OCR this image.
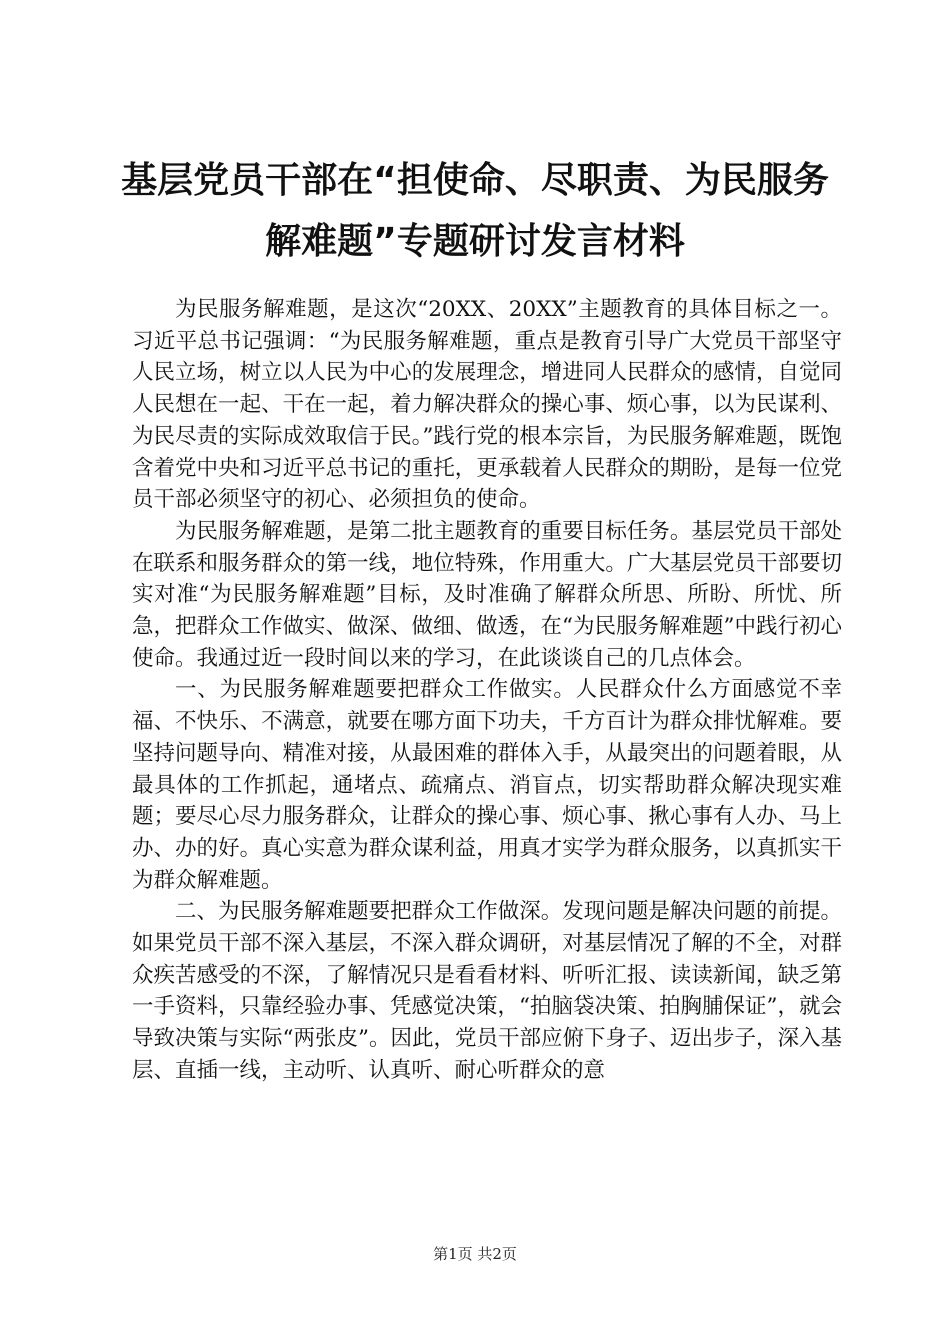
基层党员干部在“担使命、尽职责、为民服务
解难题”专题研讨发言材料

为民服务解难题，是这次“20XX、20XX”主题教育的具体目标之一。习近平总书记强调：“为民服务解难题，重点是教育引导广大党员干部坚守人民立场，树立以人民为中心的发展理念，增进同人民群众的感情，自觉同人民想在一起、干在一起，着力解决群众的操心事、烦心事，以为民谋利、为民尽责的实际成效取信于民。”践行党的根本宗旨，为民服务解难题，既饱含着党中央和习近平总书记的重托，更承载着人民群众的期盼，是每一位党员干部必须坚守的初心、必须担负的使命。

为民服务解难题，是第二批主题教育的重要目标任务。基层党员干部处在联系和服务群众的第一线，地位特殊，作用重大。广大基层党员干部要切实对准“为民服务解难题”目标，及时准确了解群众所思、所盼、所忧、所急，把群众工作做实、做深、做细、做透，在“为民服务解难题”中践行初心使命。我通过近一段时间以来的学习，在此谈谈自己的几点体会。

一、为民服务解难题要把群众工作做实。人民群众什么方面感觉不幸福、不快乐、不满意，就要在哪方面下功夫，千方百计为群众排忧解难。要坚持问题导向、精准对接，从最困难的群体入手，从最突出的问题着眼，从最具体的工作抓起，通堵点、疏痛点、消盲点，切实帮助群众解决现实难题；要尽心尽力服务群众，让群众的操心事、烦心事、揪心事有人办、马上办、办的好。真心实意为群众谋利益，用真才实学为群众服务，以真抓实干为群众解难题。

二、为民服务解难题要把群众工作做深。发现问题是解决问题的前提。如果党员干部不深入基层，不深入群众调研，对基层情况了解的不全，对群众疾苦感受的不深，了解情况只是看看材料、听听汇报、读读新闻，缺乏第一手资料，只靠经验办事、凭感觉决策，“拍脑袋决策、拍胸脯保证”，就会导致决策与实际“两张皮”。因此，党员干部应俯下身子、迈出步子，深入基层、直插一线，主动听、认真听、耐心听群众的意

第1页 共2页
